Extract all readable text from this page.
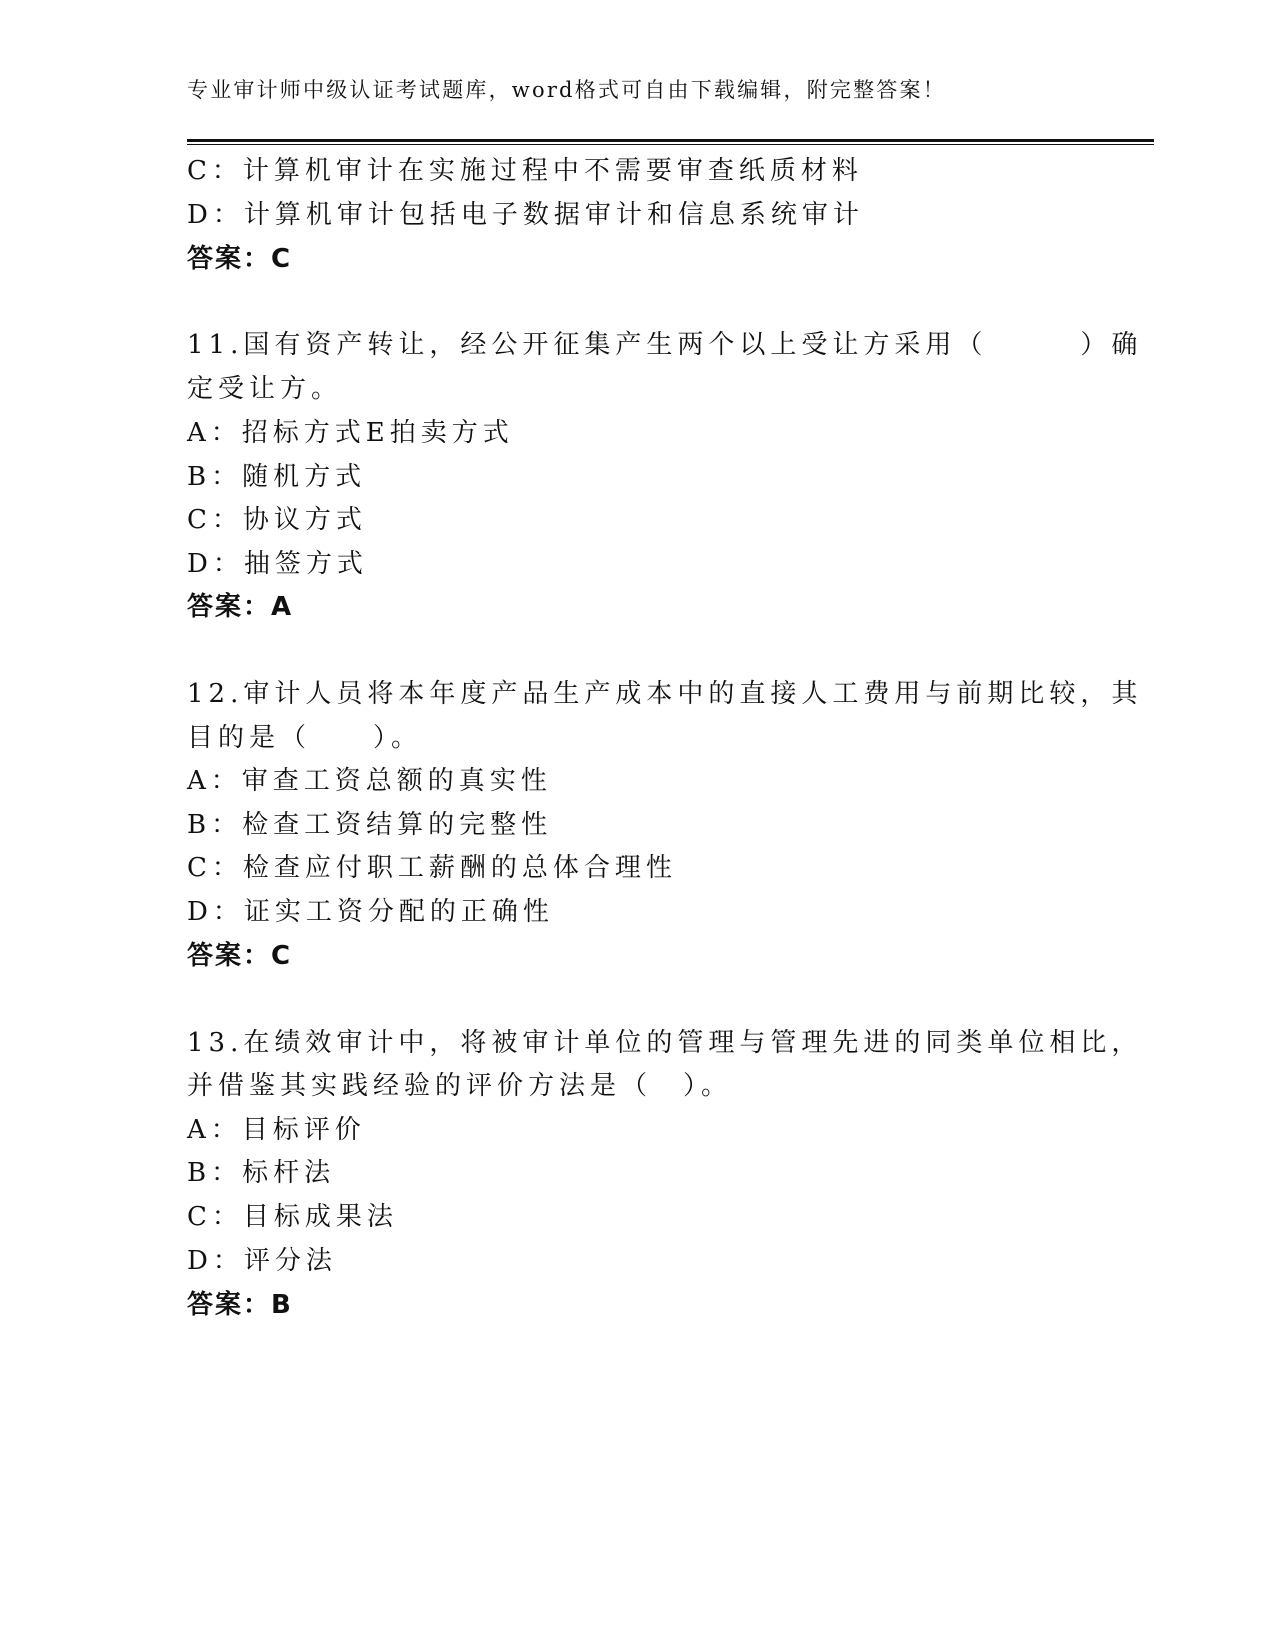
专业审计师中级认证考试题库，word格式可自由下载编辑，附完整答案！
C：计算机审计在实施过程中不需要审查纸质材料
D：计算机审计包括电子数据审计和信息系统审计
答案：C
11.国有资产转让，经公开征集产生两个以上受让方采用（　　　）确
定受让方。
A：招标方式E拍卖方式
B：随机方式
C：协议方式
D：抽签方式
答案：A
12.审计人员将本年度产品生产成本中的直接人工费用与前期比较，其
目的是（　　）。
A：审查工资总额的真实性
B：检查工资结算的完整性
C：检查应付职工薪酬的总体合理性
D：证实工资分配的正确性
答案：C
13.在绩效审计中，将被审计单位的管理与管理先进的同类单位相比，
并借鉴其实践经验的评价方法是（　）。
A：目标评价
B：标杆法
C：目标成果法
D：评分法
答案：B
